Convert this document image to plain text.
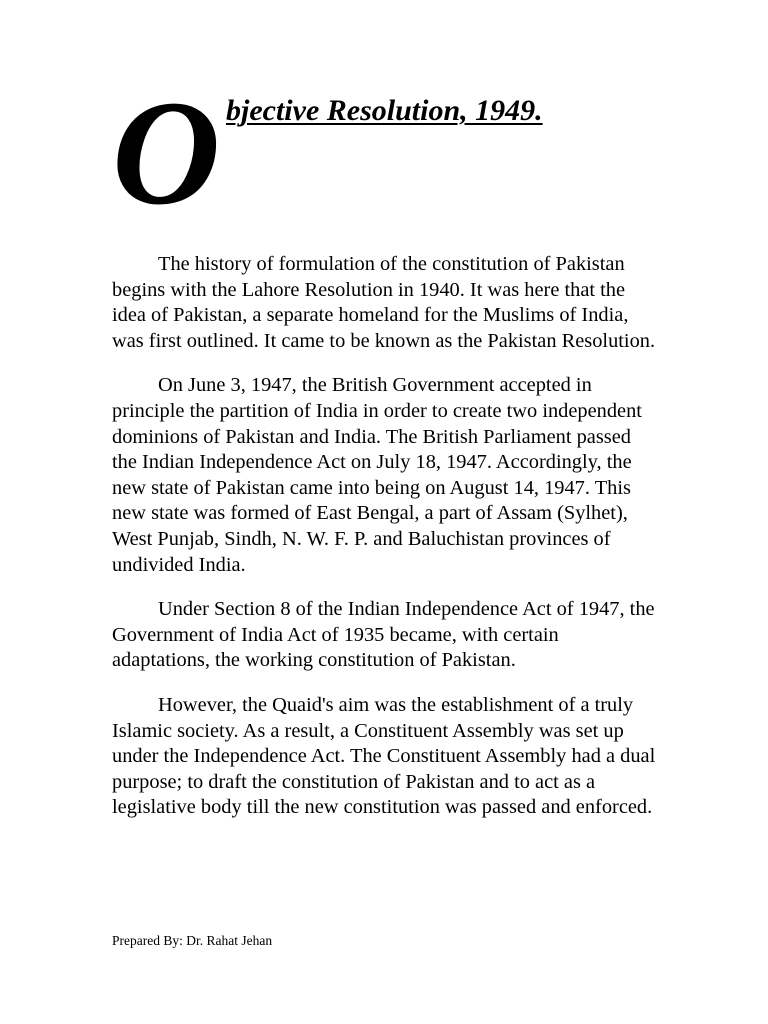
O bjective Resolution, 1949.

The history of formulation of the constitution of Pakistan begins with the Lahore Resolution in 1940. It was here that the idea of Pakistan, a separate homeland for the Muslims of India, was first outlined. It came to be known as the Pakistan Resolution.

On June 3, 1947, the British Government accepted in principle the partition of India in order to create two independent dominions of Pakistan and India. The British Parliament passed the Indian Independence Act on July 18, 1947. Accordingly, the new state of Pakistan came into being on August 14, 1947. This new state was formed of East Bengal, a part of Assam (Sylhet), West Punjab, Sindh, N. W. F. P. and Baluchistan provinces of undivided India.

Under Section 8 of the Indian Independence Act of 1947, the Government of India Act of 1935 became, with certain adaptations, the working constitution of Pakistan.

However, the Quaid's aim was the establishment of a truly Islamic society. As a result, a Constituent Assembly was set up under the Independence Act. The Constituent Assembly had a dual purpose; to draft the constitution of Pakistan and to act as a legislative body till the new constitution was passed and enforced.

Prepared By: Dr. Rahat Jehan
